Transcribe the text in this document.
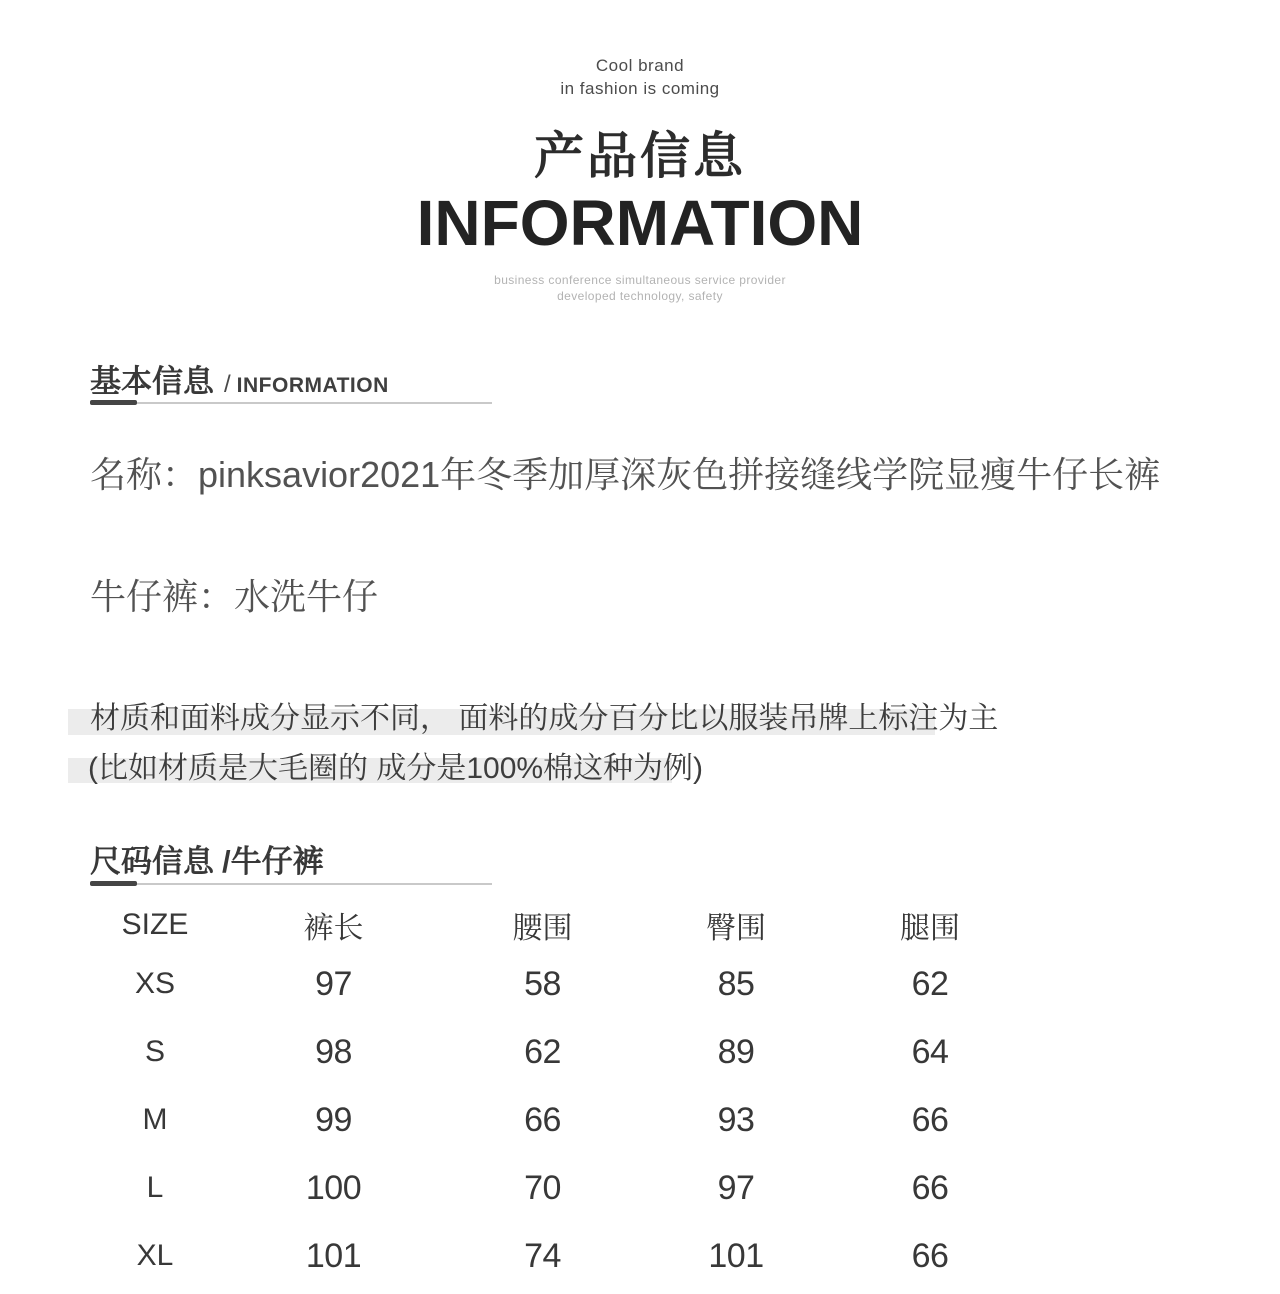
Cool brand
in fashion is coming
产品信息
INFORMATION
business conference simultaneous service provider
developed technology, safety
基本信息 / INFORMATION
名称：pinksavior2021年冬季加厚深灰色拼接缝线学院显瘦牛仔长裤
牛仔裤：水洗牛仔
材质和面料成分显示不同， 面料的成分百分比以服装吊牌上标注为主
(比如材质是大毛圈的 成分是100%棉这种为例)
尺码信息 /牛仔裤
SIZE	裤长	腰围	臀围	腿围
XS	97	58	85	62
S	98	62	89	64
M	99	66	93	66
L	100	70	97	66
XL	101	74	101	66
